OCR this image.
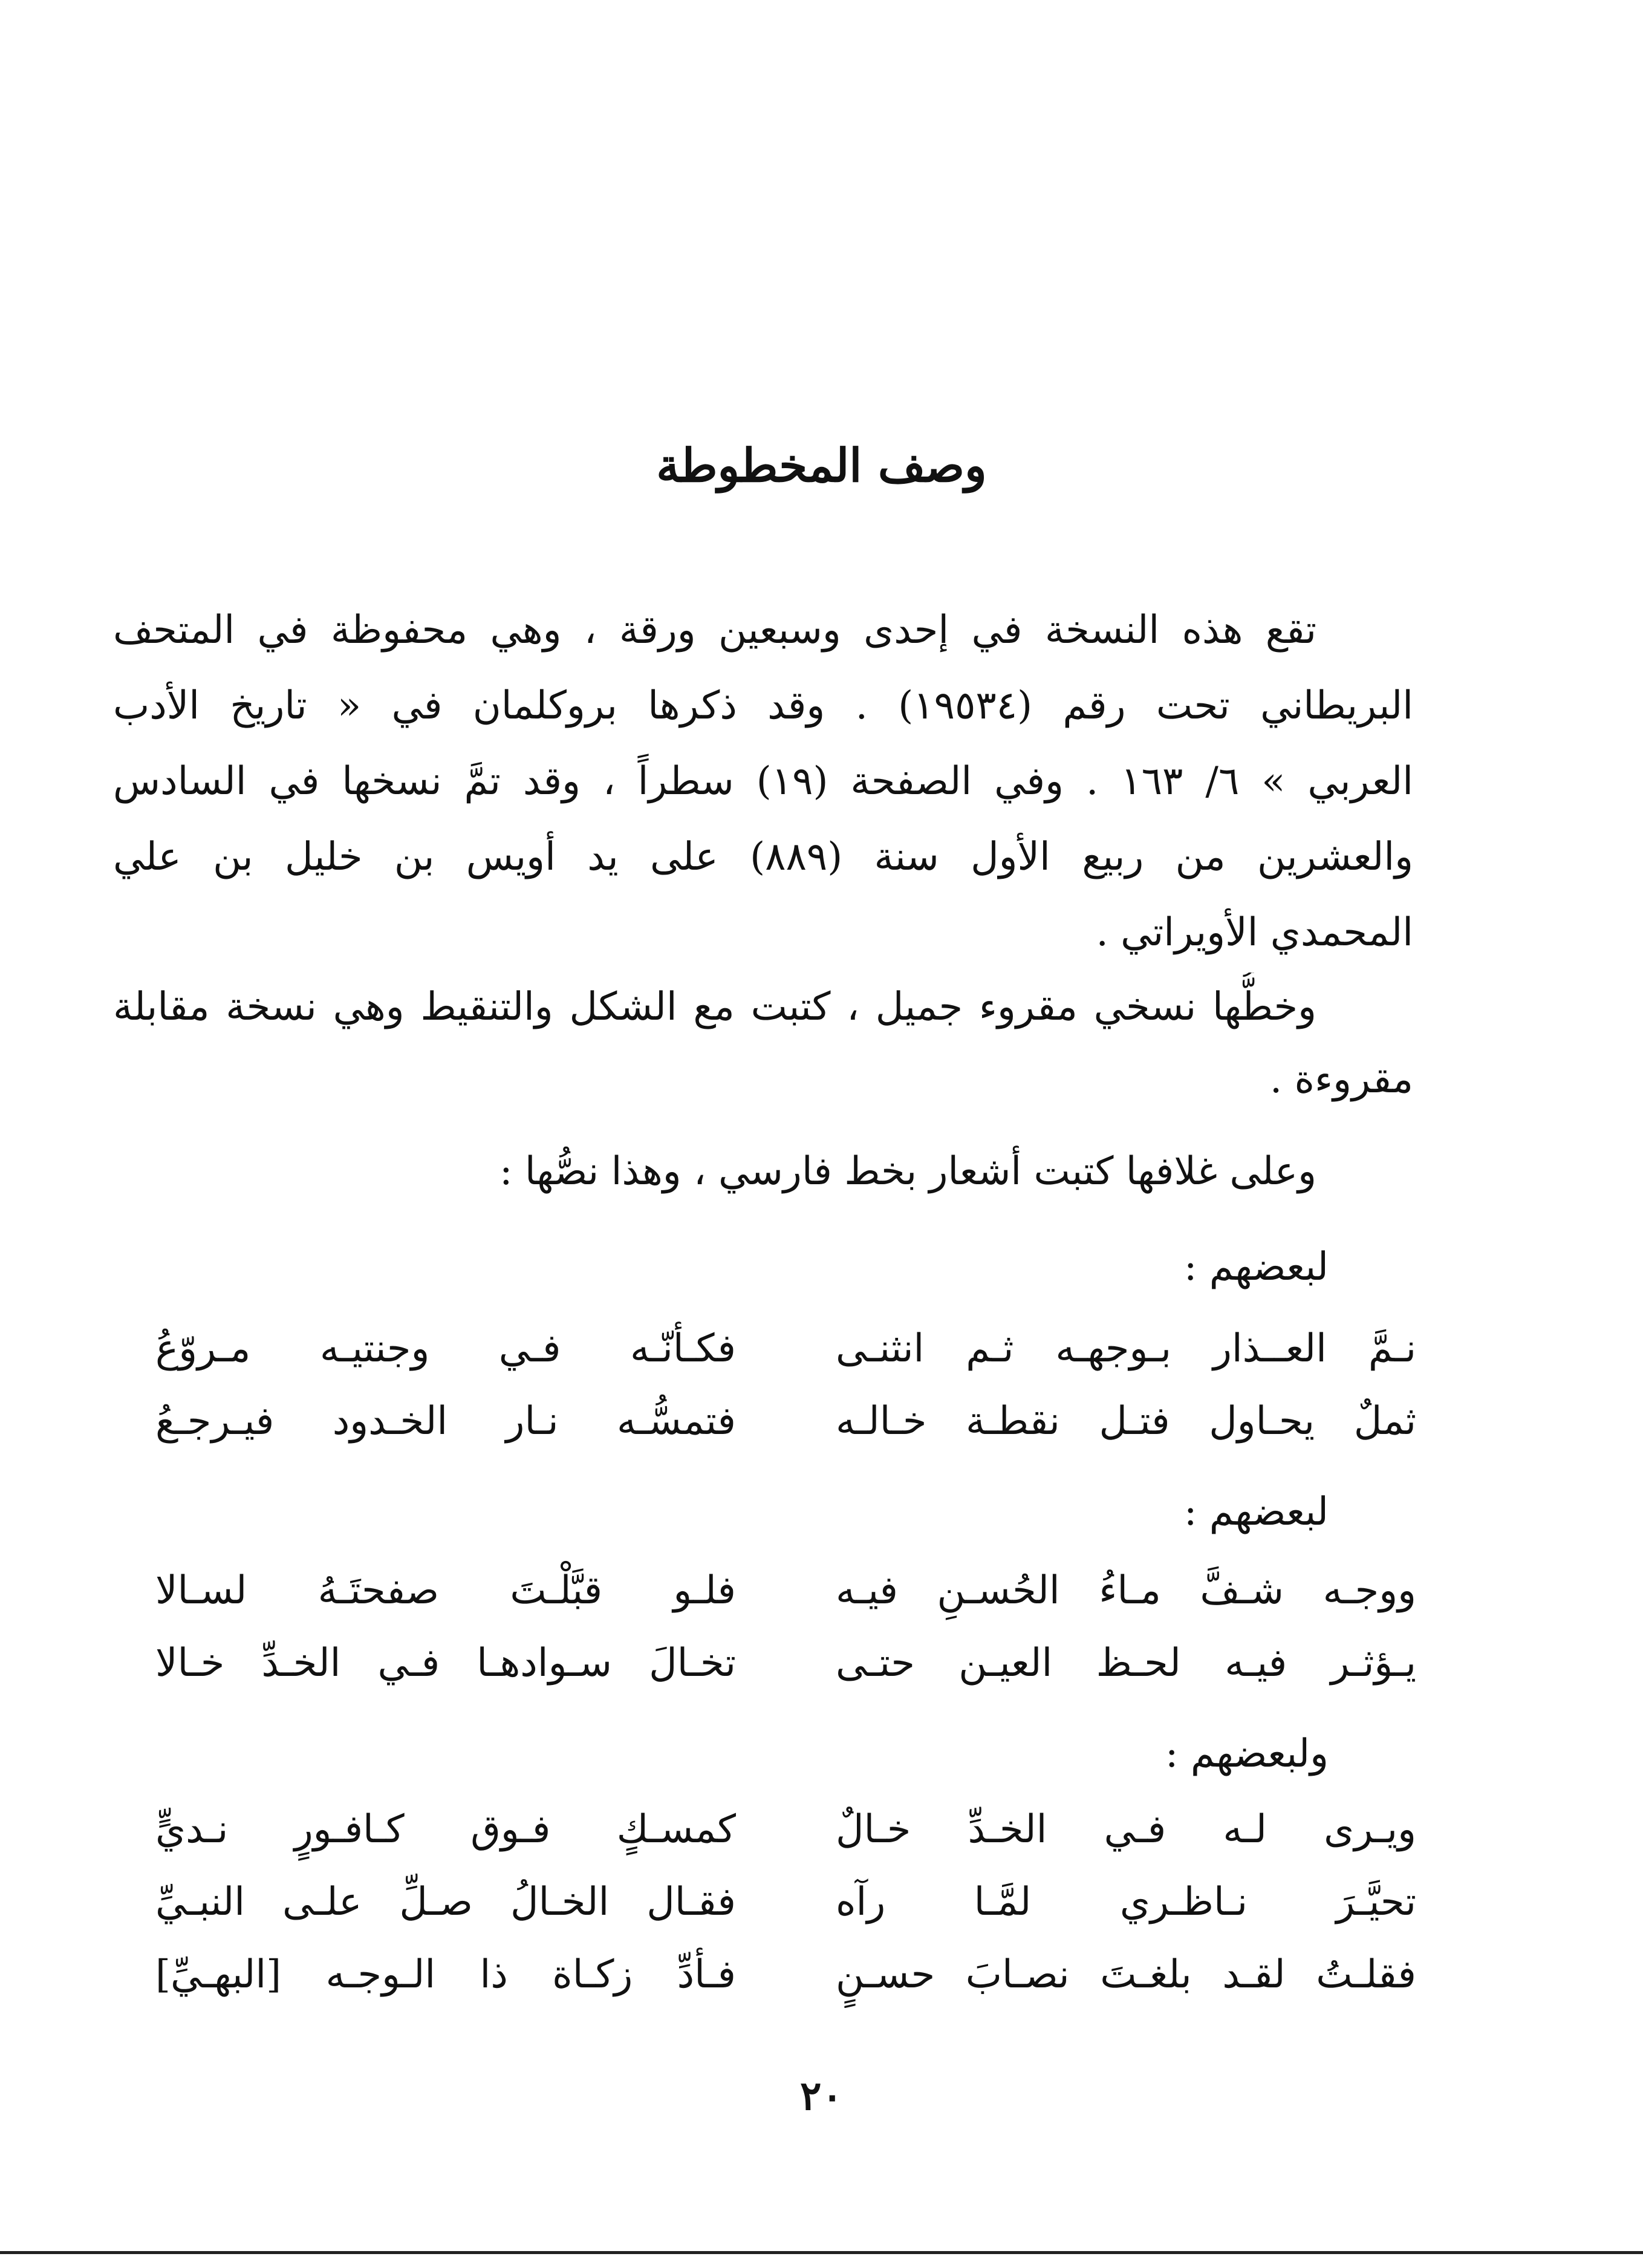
وصف المخطوطة
تقع هذه النسخة في إحدى وسبعين ورقة ، وهي محفوظة في المتحف
البريطاني تحت رقم (١٩٥٣٤) . وقد ذكرها بروكلمان في « تاريخ الأدب
العربي » ٦/ ١٦٣ . وفي الصفحة (١٩) سطراً ، وقد تمَّ نسخها في السادس
والعشرين من ربيع الأول سنة (٨٨٩) على يد أويس بن خليل بن علي
المحمدي الأويراتي .
وخطُّها نسخي مقروء جميل ، كتبت مع الشكل والتنقيط وهي نسخة مقابلة
مقروءة .
وعلى غلافها كتبت أشعار بخط فارسي ، وهذا نصُّها :
لبعضهم :
نـمَّ العــذار بـوجهـه ثـم انثنـى
فكـأنّـه فـي وجنتيـه مـروّعُ
ثملٌ يحـاول فتـل نقطـة خـالـه
فتمسُّـه نـار الخـدود فيـرجـعُ
لبعضهم :
ووجـه شـفَّ مـاءُ الحُسـنِ فيـه
فلـو قبَّلْـتَ صفحتَـهُ لسـالا
يـؤثـر فيـه لحـظ العيـن حتـى
تخـالَ سـوادهـا فـي الخـدِّ خـالا
ولبعضهم :
ويـرى لـه فـي الخـدِّ خـالٌ
كمسـكٍ فـوق كـافـورٍ نـديٍّ
تحيَّـرَ نـاظـري لمَّـا رآه
فقـال الخـالُ صـلِّ علـى النبـيِّ
فقلـتُ لقـد بلغـتَ نصـابَ حسـنٍ
فـأدِّ زكـاة ذا الـوجـه [البهـيِّ]
٢٠
